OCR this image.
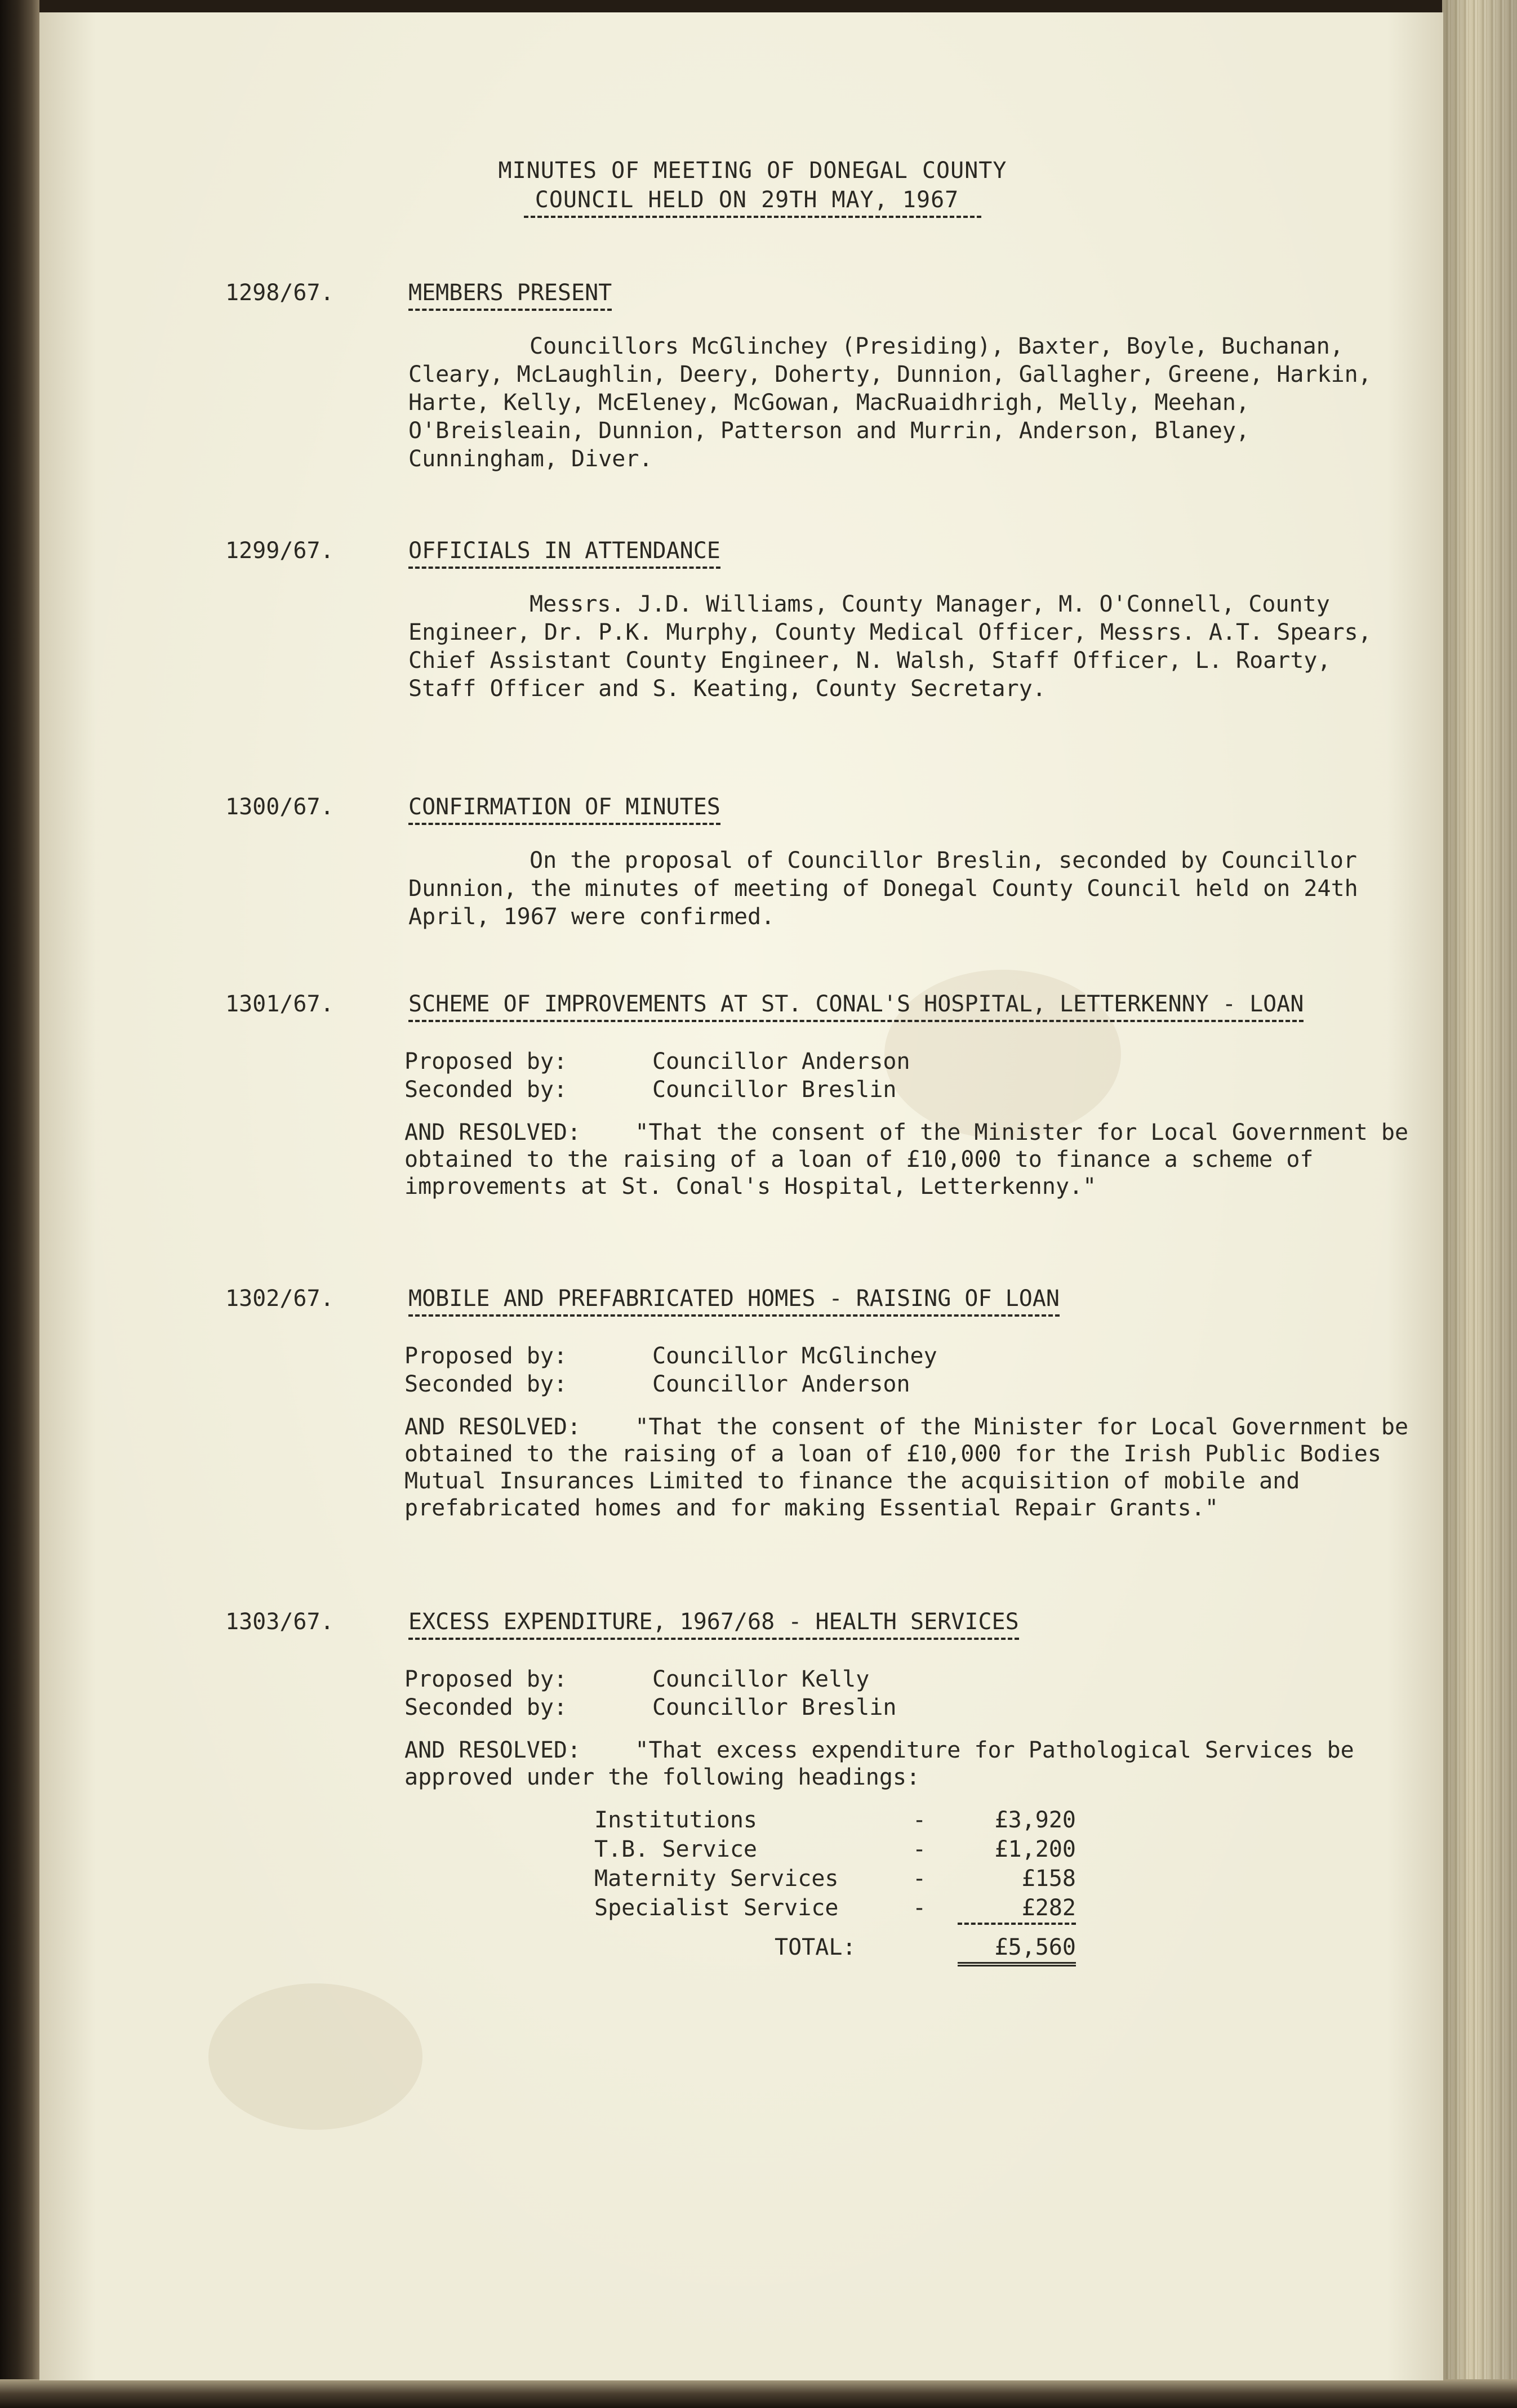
MINUTES OF MEETING OF DONEGAL COUNTY
COUNCIL HELD ON 29TH MAY, 1967
1298/67.	MEMBERS PRESENT
Councillors McGlinchey (Presiding), Baxter, Boyle, Buchanan, Cleary, McLaughlin, Deery, Doherty, Dunnion, Gallagher, Greene, Harkin, Harte, Kelly, McEleney, McGowan, MacRuaidhrigh, Melly, Meehan, O'Breisleain, Dunnion, Patterson and Murrin, Anderson, Blaney, Cunningham, Diver.
1299/67.	OFFICIALS IN ATTENDANCE
Messrs. J.D. Williams, County Manager, M. O'Connell, County Engineer, Dr. P.K. Murphy, County Medical Officer, Messrs. A.T. Spears, Chief Assistant County Engineer, N. Walsh, Staff Officer, L. Roarty, Staff Officer and S. Keating, County Secretary.
1300/67.	CONFIRMATION OF MINUTES
On the proposal of Councillor Breslin, seconded by Councillor Dunnion, the minutes of meeting of Donegal County Council held on 24th April, 1967 were confirmed.
1301/67.	SCHEME OF IMPROVEMENTS AT ST. CONAL'S HOSPITAL, LETTERKENNY - LOAN
Proposed by:	Councillor Anderson
Seconded by:	Councillor Breslin
AND RESOLVED: "That the consent of the Minister for Local Government be obtained to the raising of a loan of £10,000 to finance a scheme of improvements at St. Conal's Hospital, Letterkenny."
1302/67.	MOBILE AND PREFABRICATED HOMES - RAISING OF LOAN
Proposed by:	Councillor McGlinchey
Seconded by:	Councillor Anderson
AND RESOLVED: "That the consent of the Minister for Local Government be obtained to the raising of a loan of £10,000 for the Irish Public Bodies Mutual Insurances Limited to finance the acquisition of mobile and prefabricated homes and for making Essential Repair Grants."
1303/67.	EXCESS EXPENDITURE, 1967/68 - HEALTH SERVICES
Proposed by:	Councillor Kelly
Seconded by:	Councillor Breslin
AND RESOLVED: "That excess expenditure for Pathological Services be approved under the following headings:
Institutions	-	£3,920
T.B. Service	-	£1,200
Maternity Services	-	£158
Specialist Service	-	£282
TOTAL:	£5,560
